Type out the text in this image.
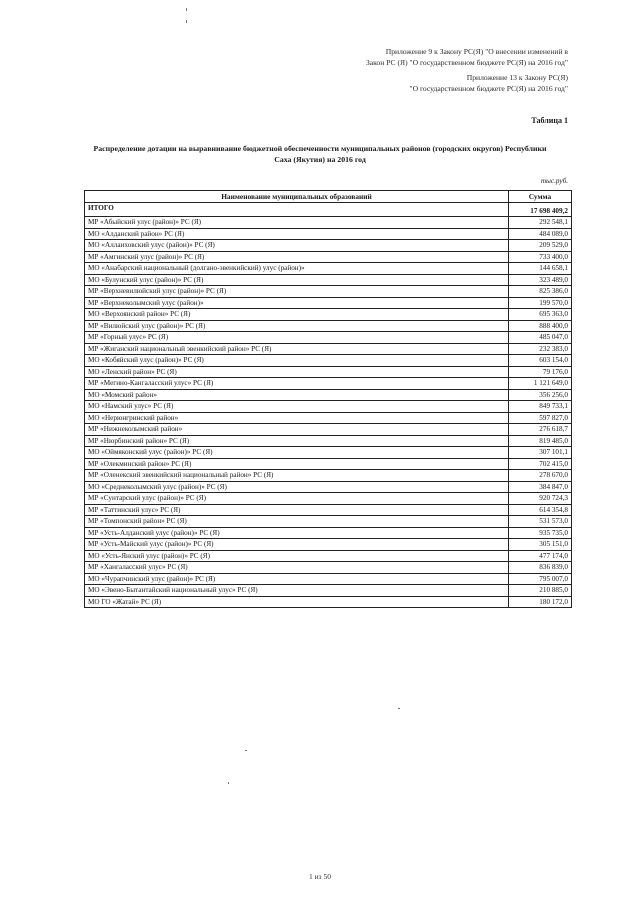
Приложение 9 к Закону РС(Я) "О внесении изменений в
Закон РС (Я) "О государственном бюджете РС(Я) на 2016 год"
Приложение 13 к Закону РС(Я)
"О государственном бюджете РС(Я) на 2016 год"
Таблица 1
Распределение дотации на выравнивание бюджетной обеспеченности муниципальных районов (городских округов) Республики
Саха (Якутия) на 2016 год
тыс.руб.
Наименование муниципальных образований	Сумма
ИТОГО	17 698 409,2
МР «Абыйский улус (район)» РС (Я)	292 548,1
МО «Алданский район» РС (Я)	484 089,0
МО «Аллаиховский улус (район)» РС (Я)	209 529,0
МР «Амгинский улус (район)» РС (Я)	733 400,0
МО «Анабарский национальный (долгано-эвенкийский) улус (район)»	144 658,1
МО «Булунский улус (район)» РС (Я)	323 489,0
МР «Верхневилюйский улус (район)» РС (Я)	825 386,0
МР «Верхнеколымский улус (район)»	199 570,0
МО «Верхоянский район» РС (Я)	695 363,0
МР «Вилюйский улус (район)» РС (Я)	888 400,0
МР «Горный улус» РС (Я)	485 047,0
МР «Жиганский национальный эвенкийский район» РС (Я)	232 383,0
МО «Кобяйский улус (район)» РС (Я)	603 154,0
МО «Ленский район» РС (Я)	79 176,0
МР «Мегино-Кангаласский улус» РС (Я)	1 121 649,0
МО «Момский район»	356 256,0
МО «Намский улус» РС (Я)	849 733,1
МО «Нерюнгринский район»	597 827,0
МР «Нижнеколымский район»	276 618,7
МР «Нюрбинский район» РС (Я)	819 485,0
МО «Оймяконский улус (район)» РС (Я)	307 101,1
МР «Олекминский район» РС (Я)	702 415,0
МР «Оленекский эвенкийский национальный район» РС (Я)	278 670,0
МО «Среднеколымский улус (район)» РС (Я)	384 847,0
МР «Сунтарский улус (район)» РС (Я)	920 724,3
МР «Таттинский улус» РС (Я)	614 354,8
МР «Томпонский район» РС (Я)	531 573,0
МР «Усть-Алданский улус (район)» РС (Я)	935 735,0
МР «Усть-Майский улус (район)» РС (Я)	305 151,0
МО «Усть-Янский улус (район)» РС (Я)	477 174,0
МР «Хангаласский улус» РС (Я)	836 839,0
МО «Чурапчинский улус (район)» РС (Я)	795 007,0
МО «Эвено-Бытантайский национальный улус» РС (Я)	210 885,0
МО ГО «Жатай» РС (Я)	180 172,0
1 из 50
